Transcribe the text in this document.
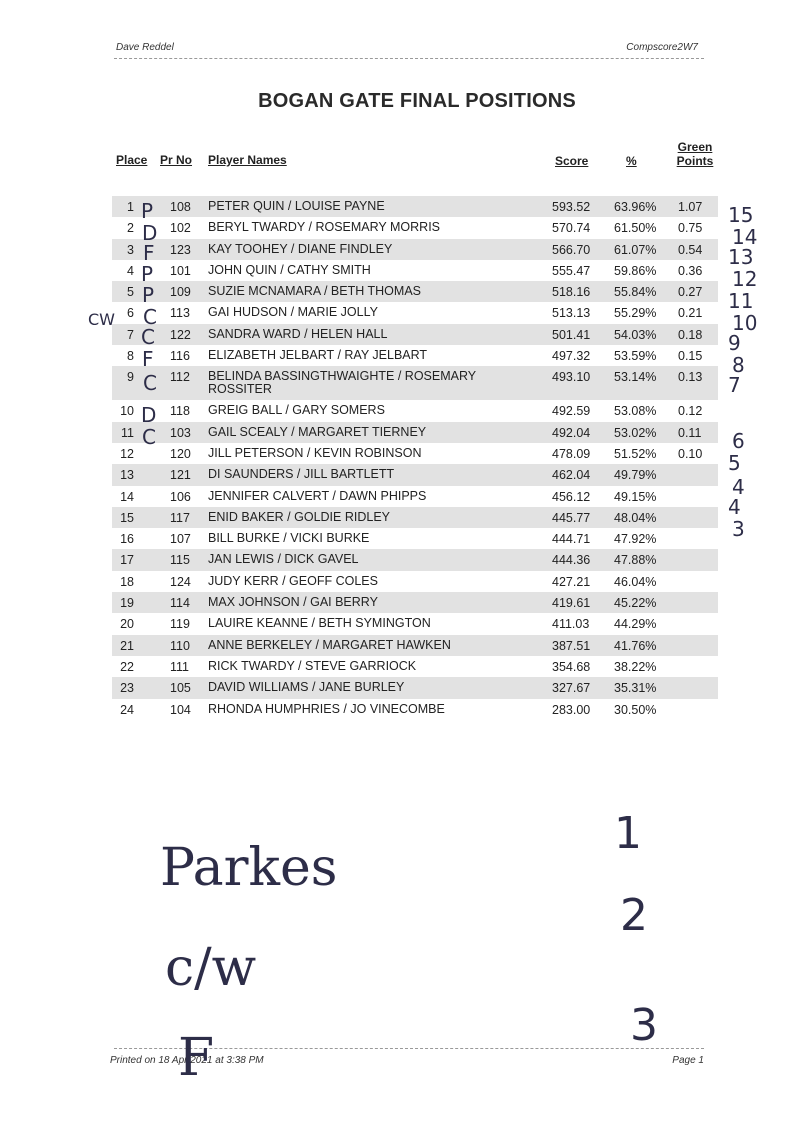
Dave Reddel	Compscore2W7
BOGAN GATE FINAL POSITIONS
Place Pr No Player Names	Score	%
Green Points
1	108 PETER QUIN / LOUISE PAYNE	593.52 63.96% 1.07
2	102 BERYL TWARDY / ROSEMARY MORRIS	570.74 61.50% 0.75
3	123 KAY TOOHEY / DIANE FINDLEY	566.70 61.07% 0.54
4	101 JOHN QUIN / CATHY SMITH	555.47 59.86% 0.36
5	109 SUZIE MCNAMARA / BETH THOMAS	518.16 55.84% 0.27
6	113 GAI HUDSON / MARIE JOLLY	513.13 55.29% 0.21
7	122 SANDRA WARD / HELEN HALL	501.41 54.03% 0.18
8	116 ELIZABETH JELBART / RAY JELBART	497.32 53.59% 0.15
9	112 BELINDA BASSINGTHWAIGHTE / ROSEMARY ROSSITER
493.10 53.14% 0.13
10	118 GREIG BALL / GARY SOMERS	492.59 53.08% 0.12
11	103 GAIL SCEALY / MARGARET TIERNEY	492.04 53.02% 0.11
12	120 JILL PETERSON / KEVIN ROBINSON	478.09 51.52% 0.10
13	121 DI SAUNDERS / JILL BARTLETT	462.04 49.79%
14	106 JENNIFER CALVERT / DAWN PHIPPS	456.12 49.15%
15	117 ENID BAKER / GOLDIE RIDLEY	445.77 48.04%
16	107 BILL BURKE / VICKI BURKE	444.71 47.92%
17	115 JAN LEWIS / DICK GAVEL	444.36 47.88%
18	124 JUDY KERR / GEOFF COLES	427.21 46.04%
19	114 MAX JOHNSON / GAI BERRY	419.61 45.22%
20	119 LAUIRE KEANNE / BETH SYMINGTON	411.03 44.29%
21	110 ANNE BERKELEY / MARGARET HAWKEN	387.51 41.76%
22	111 RICK TWARDY / STEVE GARRIOCK	354.68 38.22%
23	105 DAVID WILLIAMS / JANE BURLEY	327.67 35.31%
24	104 RHONDA HUMPHRIES / JO VINECOMBE	283.00 30.50%
Printed on 18 Apr 2021 at 3:38 PM	Page 1
CW
P
D
F
P
P
C
C
F
C
D
C
15
14
13
12
11
10
9
8
7
6
5
4
4
3
Parkes
c/w
F
1
2
3
